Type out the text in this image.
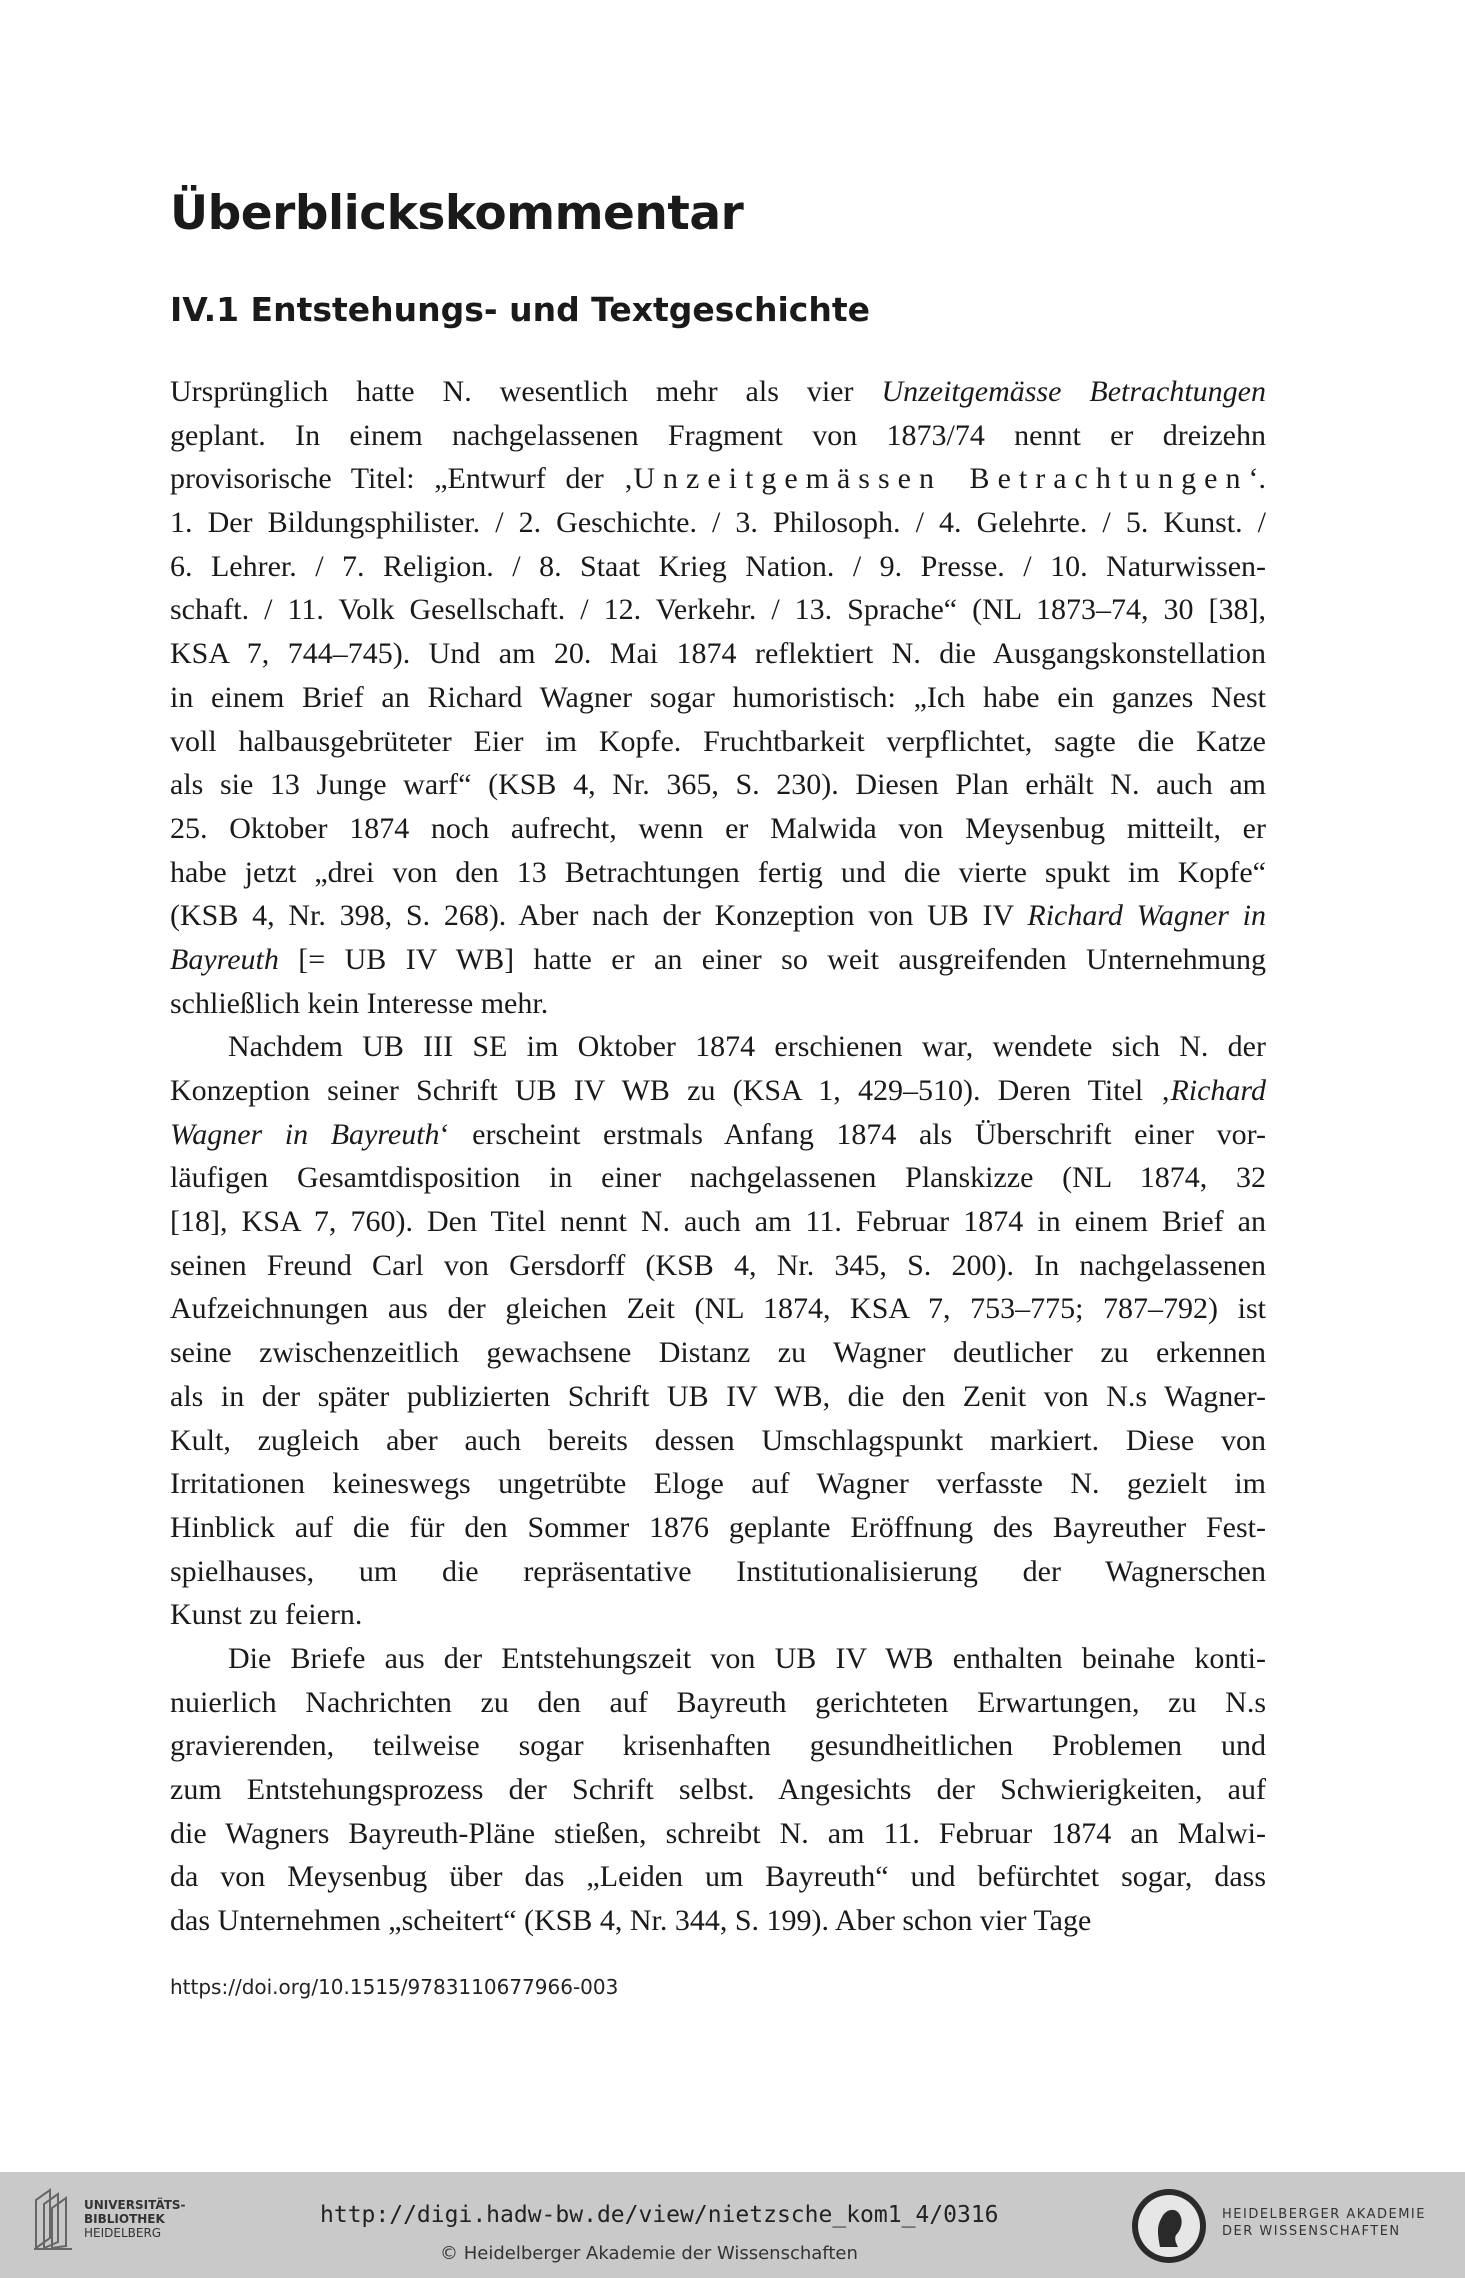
Überblickskommentar
IV.1 Entstehungs- und Textgeschichte
Ursprünglich hatte N. wesentlich mehr als vier Unzeitgemässe Betrachtungen
geplant. In einem nachgelassenen Fragment von 1873/74 nennt er dreizehn
provisorische Titel: „Entwurf der ‚Unzeitgemässen Betrachtungen‘.
1. Der Bildungsphilister. / 2. Geschichte. / 3. Philosoph. / 4. Gelehrte. / 5. Kunst. /
6. Lehrer. / 7. Religion. / 8. Staat Krieg Nation. / 9. Presse. / 10. Naturwissen-
schaft. / 11. Volk Gesellschaft. / 12. Verkehr. / 13. Sprache“ (NL 1873–74, 30 [38],
KSA 7, 744–745). Und am 20. Mai 1874 reflektiert N. die Ausgangskonstellation
in einem Brief an Richard Wagner sogar humoristisch: „Ich habe ein ganzes Nest
voll halbausgebrüteter Eier im Kopfe. Fruchtbarkeit verpflichtet, sagte die Katze
als sie 13 Junge warf“ (KSB 4, Nr. 365, S. 230). Diesen Plan erhält N. auch am
25. Oktober 1874 noch aufrecht, wenn er Malwida von Meysenbug mitteilt, er
habe jetzt „drei von den 13 Betrachtungen fertig und die vierte spukt im Kopfe“
(KSB 4, Nr. 398, S. 268). Aber nach der Konzeption von UB IV Richard Wagner in
Bayreuth [= UB IV WB] hatte er an einer so weit ausgreifenden Unternehmung
schließlich kein Interesse mehr.
Nachdem UB III SE im Oktober 1874 erschienen war, wendete sich N. der
Konzeption seiner Schrift UB IV WB zu (KSA 1, 429–510). Deren Titel ‚Richard
Wagner in Bayreuth‘ erscheint erstmals Anfang 1874 als Überschrift einer vor-
läufigen Gesamtdisposition in einer nachgelassenen Planskizze (NL 1874, 32
[18], KSA 7, 760). Den Titel nennt N. auch am 11. Februar 1874 in einem Brief an
seinen Freund Carl von Gersdorff (KSB 4, Nr. 345, S. 200). In nachgelassenen
Aufzeichnungen aus der gleichen Zeit (NL 1874, KSA 7, 753–775; 787–792) ist
seine zwischenzeitlich gewachsene Distanz zu Wagner deutlicher zu erkennen
als in der später publizierten Schrift UB IV WB, die den Zenit von N.s Wagner-
Kult, zugleich aber auch bereits dessen Umschlagspunkt markiert. Diese von
Irritationen keineswegs ungetrübte Eloge auf Wagner verfasste N. gezielt im
Hinblick auf die für den Sommer 1876 geplante Eröffnung des Bayreuther Fest-
spielhauses, um die repräsentative Institutionalisierung der Wagnerschen
Kunst zu feiern.
Die Briefe aus der Entstehungszeit von UB IV WB enthalten beinahe konti-
nuierlich Nachrichten zu den auf Bayreuth gerichteten Erwartungen, zu N.s
gravierenden, teilweise sogar krisenhaften gesundheitlichen Problemen und
zum Entstehungsprozess der Schrift selbst. Angesichts der Schwierigkeiten, auf
die Wagners Bayreuth-Pläne stießen, schreibt N. am 11. Februar 1874 an Malwi-
da von Meysenbug über das „Leiden um Bayreuth“ und befürchtet sogar, dass
das Unternehmen „scheitert“ (KSB 4, Nr. 344, S. 199). Aber schon vier Tage

https://doi.org/10.1515/9783110677966-003

UNIVERSITÄTS-
BIBLIOTHEK
HEIDELBERG
http://digi.hadw-bw.de/view/nietzsche_kom1_4/0316
© Heidelberger Akademie der Wissenschaften
HEIDELBERGER AKADEMIE
DER WISSENSCHAFTEN
